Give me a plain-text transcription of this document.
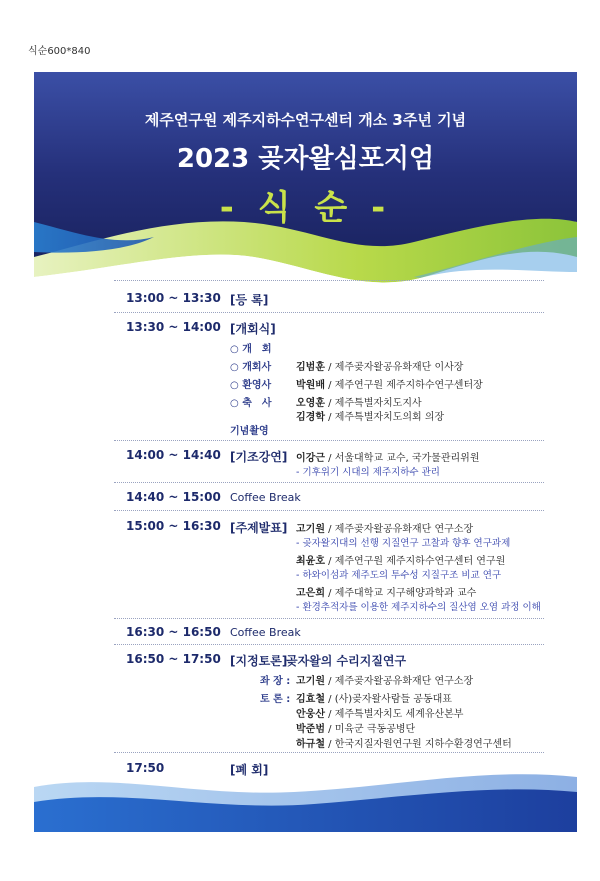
식순600*840
제주연구원 제주지하수연구센터 개소 3주년 기념
2023 곶자왈심포지엄
- 식 순 -
13:00 ~ 13:30 [등 록]
13:30 ~ 14:00 [개회식]
○ 개　회
○ 개회사 김범훈 / 제주곶자왈공유화재단 이사장
○ 환영사 박원배 / 제주연구원 제주지하수연구센터장
○ 축　사 오영훈 / 제주특별자치도지사
김경학 / 제주특별자치도의회 의장
기념촬영
14:00 ~ 14:40 [기조강연] 이강근 / 서울대학교 교수, 국가물관리위원
- 기후위기 시대의 제주지하수 관리
14:40 ~ 15:00 Coffee Break
15:00 ~ 16:30 [주제발표] 고기원 / 제주곶자왈공유화재단 연구소장
- 곶자왈지대의 선행 지질연구 고찰과 향후 연구과제
최윤호 / 제주연구원 제주지하수연구센터 연구원
- 하와이섬과 제주도의 투수성 지질구조 비교 연구
고은희 / 제주대학교 지구해양과학과 교수
- 환경추적자를 이용한 제주지하수의 질산염 오염 과정 이해
16:30 ~ 16:50 Coffee Break
16:50 ~ 17:50 [지정토론]
곶자왈의 수리지질연구
좌 장 : 고기원 / 제주곶자왈공유화재단 연구소장
토 론 : 김효철 / (사)곶자왈사람들 공동대표
안웅산 / 제주특별자치도 세계유산본부
박준범 / 미육군 극동공병단
하규철 / 한국지질자원연구원 지하수환경연구센터
17:50	[폐 회]
